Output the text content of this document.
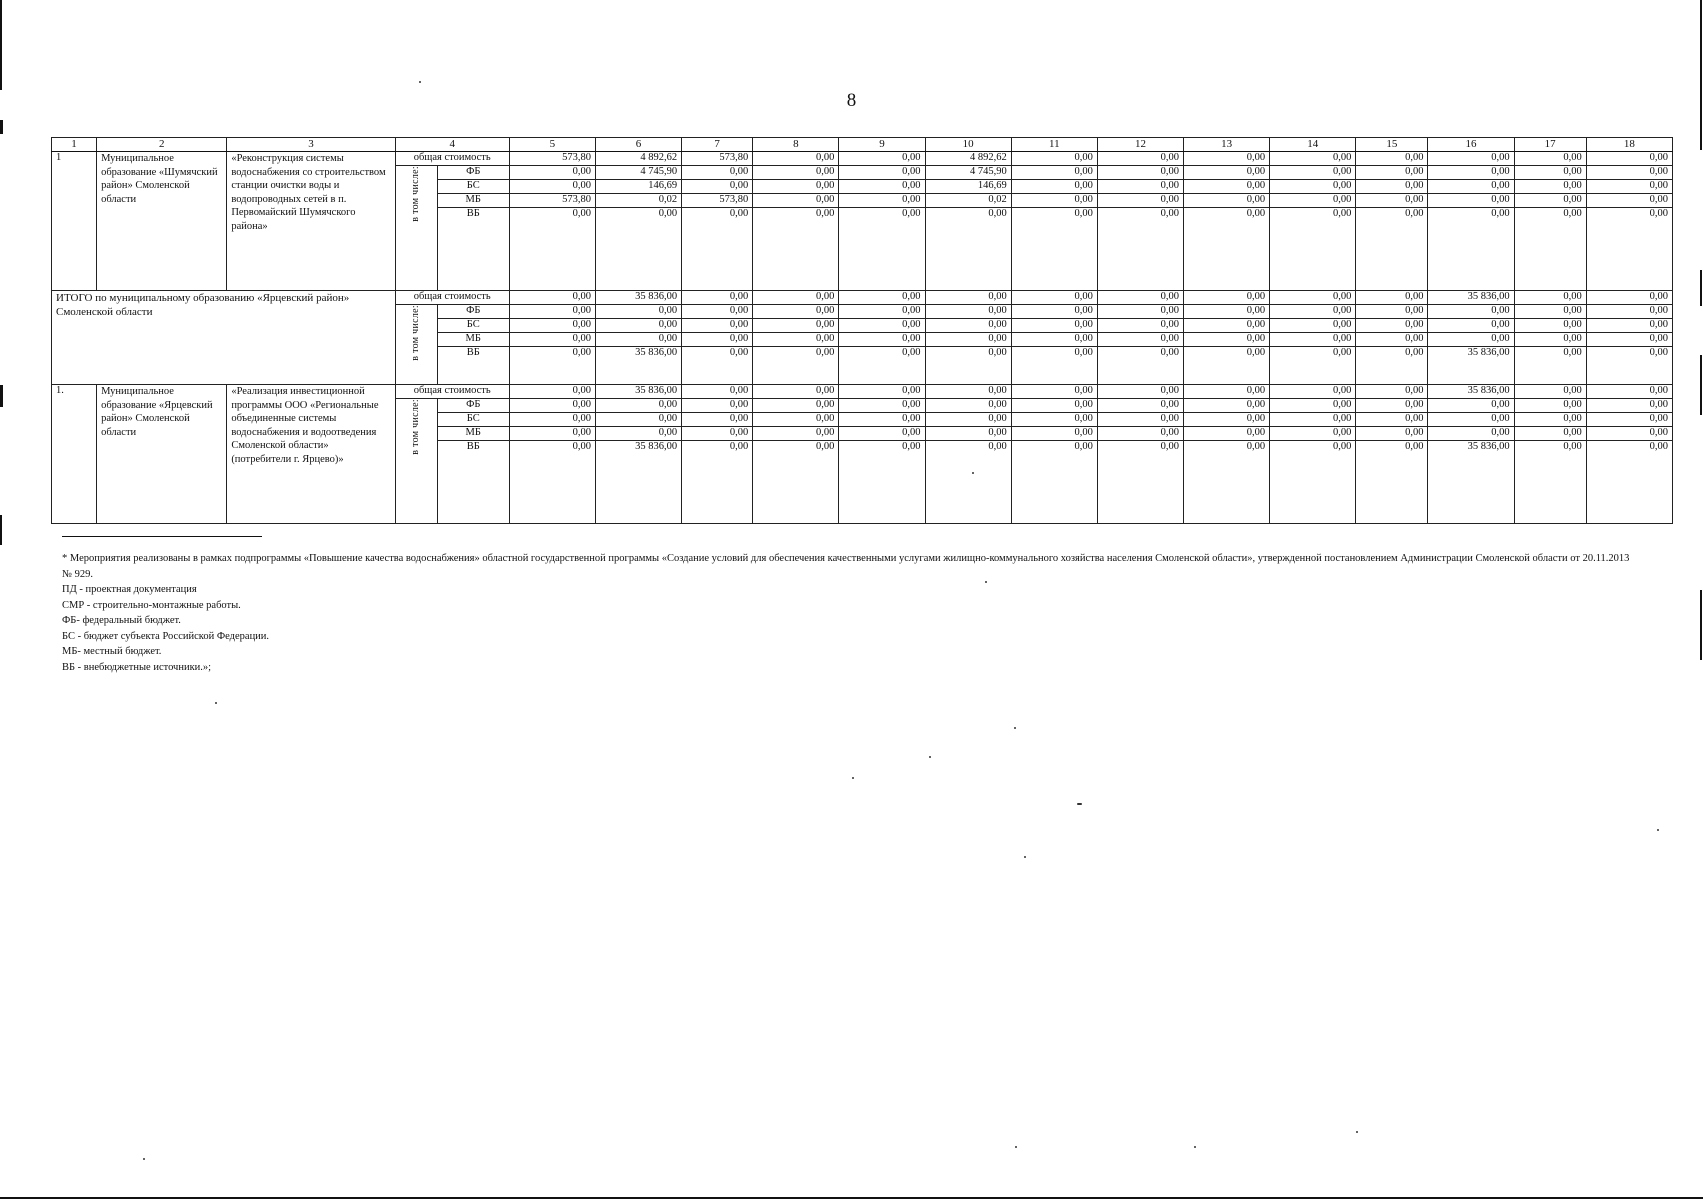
8
1	2	3	4		5	6	7	8	9	10	11	12	13	14	15	16	17	18
1	Муниципальное образование «Шумячский район» Смоленской области	«Реконструкция системы водоснабжения со строительством станции очистки воды и водопроводных сетей в п. Первомайский Шумячского района»	общая стоимость		573,80	4 892,62	573,80	0,00	0,00	4 892,62	0,00	0,00	0,00	0,00	0,00	0,00	0,00	0,00
			в том числе:	ФБ	0,00	4 745,90	0,00	0,00	0,00	4 745,90	0,00	0,00	0,00	0,00	0,00	0,00	0,00	0,00
				БС	0,00	146,69	0,00	0,00	0,00	146,69	0,00	0,00	0,00	0,00	0,00	0,00	0,00	0,00
				МБ	573,80	0,02	573,80	0,00	0,00	0,02	0,00	0,00	0,00	0,00	0,00	0,00	0,00	0,00
				ВБ	0,00	0,00	0,00	0,00	0,00	0,00	0,00	0,00	0,00	0,00	0,00	0,00	0,00	0,00
ИТОГО по муниципальному образованию «Ярцевский район» Смоленской области			общая стоимость		0,00	35 836,00	0,00	0,00	0,00	0,00	0,00	0,00	0,00	0,00	0,00	35 836,00	0,00	0,00
			в том числе:	ФБ	0,00	0,00	0,00	0,00	0,00	0,00	0,00	0,00	0,00	0,00	0,00	0,00	0,00	0,00
				БС	0,00	0,00	0,00	0,00	0,00	0,00	0,00	0,00	0,00	0,00	0,00	0,00	0,00	0,00
				МБ	0,00	0,00	0,00	0,00	0,00	0,00	0,00	0,00	0,00	0,00	0,00	0,00	0,00	0,00
				ВБ	0,00	35 836,00	0,00	0,00	0,00	0,00	0,00	0,00	0,00	0,00	0,00	35 836,00	0,00	0,00
1.	Муниципальное образование «Ярцевский район» Смоленской области	«Реализация инвестиционной программы ООО «Региональные объединенные системы водоснабжения и водоотведения Смоленской области» (потребители г. Ярцево)»	общая стоимость		0,00	35 836,00	0,00	0,00	0,00	0,00	0,00	0,00	0,00	0,00	0,00	35 836,00	0,00	0,00
			в том числе:	ФБ	0,00	0,00	0,00	0,00	0,00	0,00	0,00	0,00	0,00	0,00	0,00	0,00	0,00	0,00
				БС	0,00	0,00	0,00	0,00	0,00	0,00	0,00	0,00	0,00	0,00	0,00	0,00	0,00	0,00
				МБ	0,00	0,00	0,00	0,00	0,00	0,00	0,00	0,00	0,00	0,00	0,00	0,00	0,00	0,00
				ВБ	0,00	35 836,00	0,00	0,00	0,00	0,00	0,00	0,00	0,00	0,00	0,00	35 836,00	0,00	0,00

* Мероприятия реализованы в рамках подпрограммы «Повышение качества водоснабжения» областной государственной программы «Создание условий для обеспечения качественными услугами жилищно-коммунального хозяйства населения Смоленской области», утвержденной постановлением Администрации Смоленской области от 20.11.2013 № 929.

ПД - проектная документация

СМР - строительно-монтажные работы.

ФБ- федеральный бюджет.

БС - бюджет субъекта Российской Федерации.

МБ- местный бюджет.

ВБ - внебюджетные источники.»;
